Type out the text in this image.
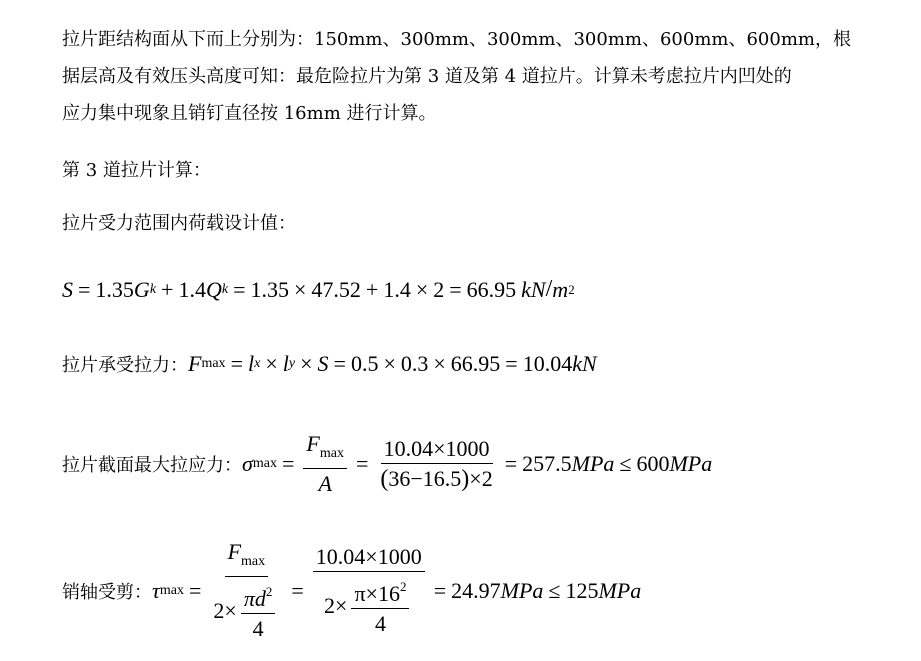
拉片距结构面从下而上分别为：150mm、300mm、300mm、300mm、600mm、600mm，根
据层高及有效压头高度可知：最危险拉片为第 3 道及第 4 道拉片。计算未考虑拉片内凹处的
应力集中现象且销钉直径按 16mm 进行计算。
第 3 道拉片计算：
拉片受力范围内荷载设计值：
S = 1.35 G k + 1.4 Q k = 1.35 × 47.52 + 1.4 × 2 = 66.95 kN / m 2
拉片承受拉力： F max = l x × l y × S = 0.5 × 0.3 × 66.95 = 10.04 kN
拉片截面最大拉应力： σ $\max = \frac{F_{max}}{A} = \frac{10.04\times 1000}{(36-16.5)\times 2} = 257.5$ MPa ≤ 600 MPa
销轴受剪： τ $\max = \frac{F_{max}}{2\times \frac{\pi d^2}{4}} = \frac{10.04\times 1000}{2\times \frac{\pi\times 16^2}{4}} = 24.97$ MPa ≤ 125 MPa
